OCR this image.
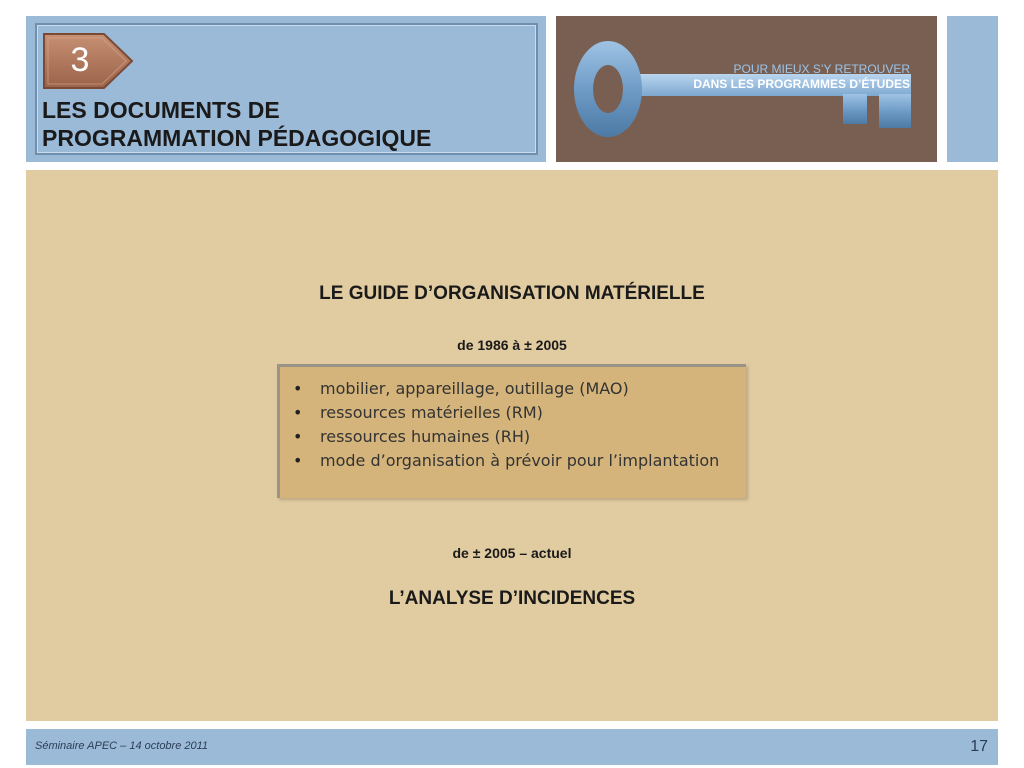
3
LES DOCUMENTS DE
PROGRAMMATION PÉDAGOGIQUE
POUR MIEUX S’Y RETROUVER
DANS LES PROGRAMMES D’ÉTUDES
LE GUIDE D’ORGANISATION MATÉRIELLE
de 1986 à ± 2005
• mobilier, appareillage, outillage (MAO)
• ressources matérielles (RM)
• ressources humaines (RH)
• mode d’organisation à prévoir pour l’implantation
de ± 2005 – actuel
L’ANALYSE D’INCIDENCES
Séminaire APEC – 14 octobre 2011	17
